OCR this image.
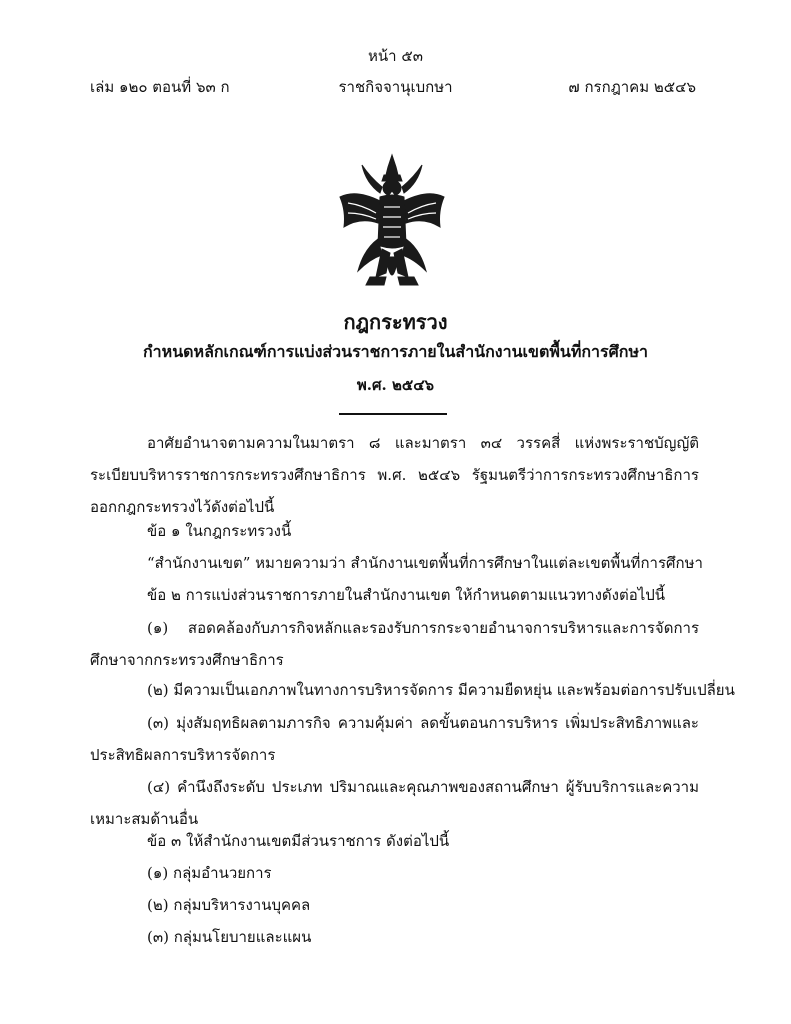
หน้า ๕๓
เล่ม ๑๒๐ ตอนที่ ๖๓ ก	ราชกิจจานุเบกษา	๗ กรกฎาคม ๒๕๔๖
กฎกระทรวง
กำหนดหลักเกณฑ์การแบ่งส่วนราชการภายในสำนักงานเขตพื้นที่การศึกษา
พ.ศ. ๒๕๔๖

อาศัยอำนาจตามความในมาตรา ๘ และมาตรา ๓๔ วรรคสี่ แห่งพระราชบัญญัติระเบียบบริหารราชการกระทรวงศึกษาธิการ พ.ศ. ๒๕๔๖ รัฐมนตรีว่าการกระทรวงศึกษาธิการออกกฎกระทรวงไว้ดังต่อไปนี้

ข้อ ๑ ในกฎกระทรวงนี้
“สำนักงานเขต” หมายความว่า สำนักงานเขตพื้นที่การศึกษาในแต่ละเขตพื้นที่การศึกษา
ข้อ ๒ การแบ่งส่วนราชการภายในสำนักงานเขต ให้กำหนดตามแนวทางดังต่อไปนี้

(๑) สอดคล้องกับภารกิจหลักและรองรับการกระจายอำนาจการบริหารและการจัดการศึกษาจากกระทรวงศึกษาธิการ

(๒) มีความเป็นเอกภาพในทางการบริหารจัดการ มีความยืดหยุ่น และพร้อมต่อการปรับเปลี่ยน

(๓) มุ่งสัมฤทธิผลตามภารกิจ ความคุ้มค่า ลดขั้นตอนการบริหาร เพิ่มประสิทธิภาพและประสิทธิผลการบริหารจัดการ

(๔) คำนึงถึงระดับ ประเภท ปริมาณและคุณภาพของสถานศึกษา ผู้รับบริการและความเหมาะสมด้านอื่น

ข้อ ๓ ให้สำนักงานเขตมีส่วนราชการ ดังต่อไปนี้
(๑) กลุ่มอำนวยการ
(๒) กลุ่มบริหารงานบุคคล
(๓) กลุ่มนโยบายและแผน
